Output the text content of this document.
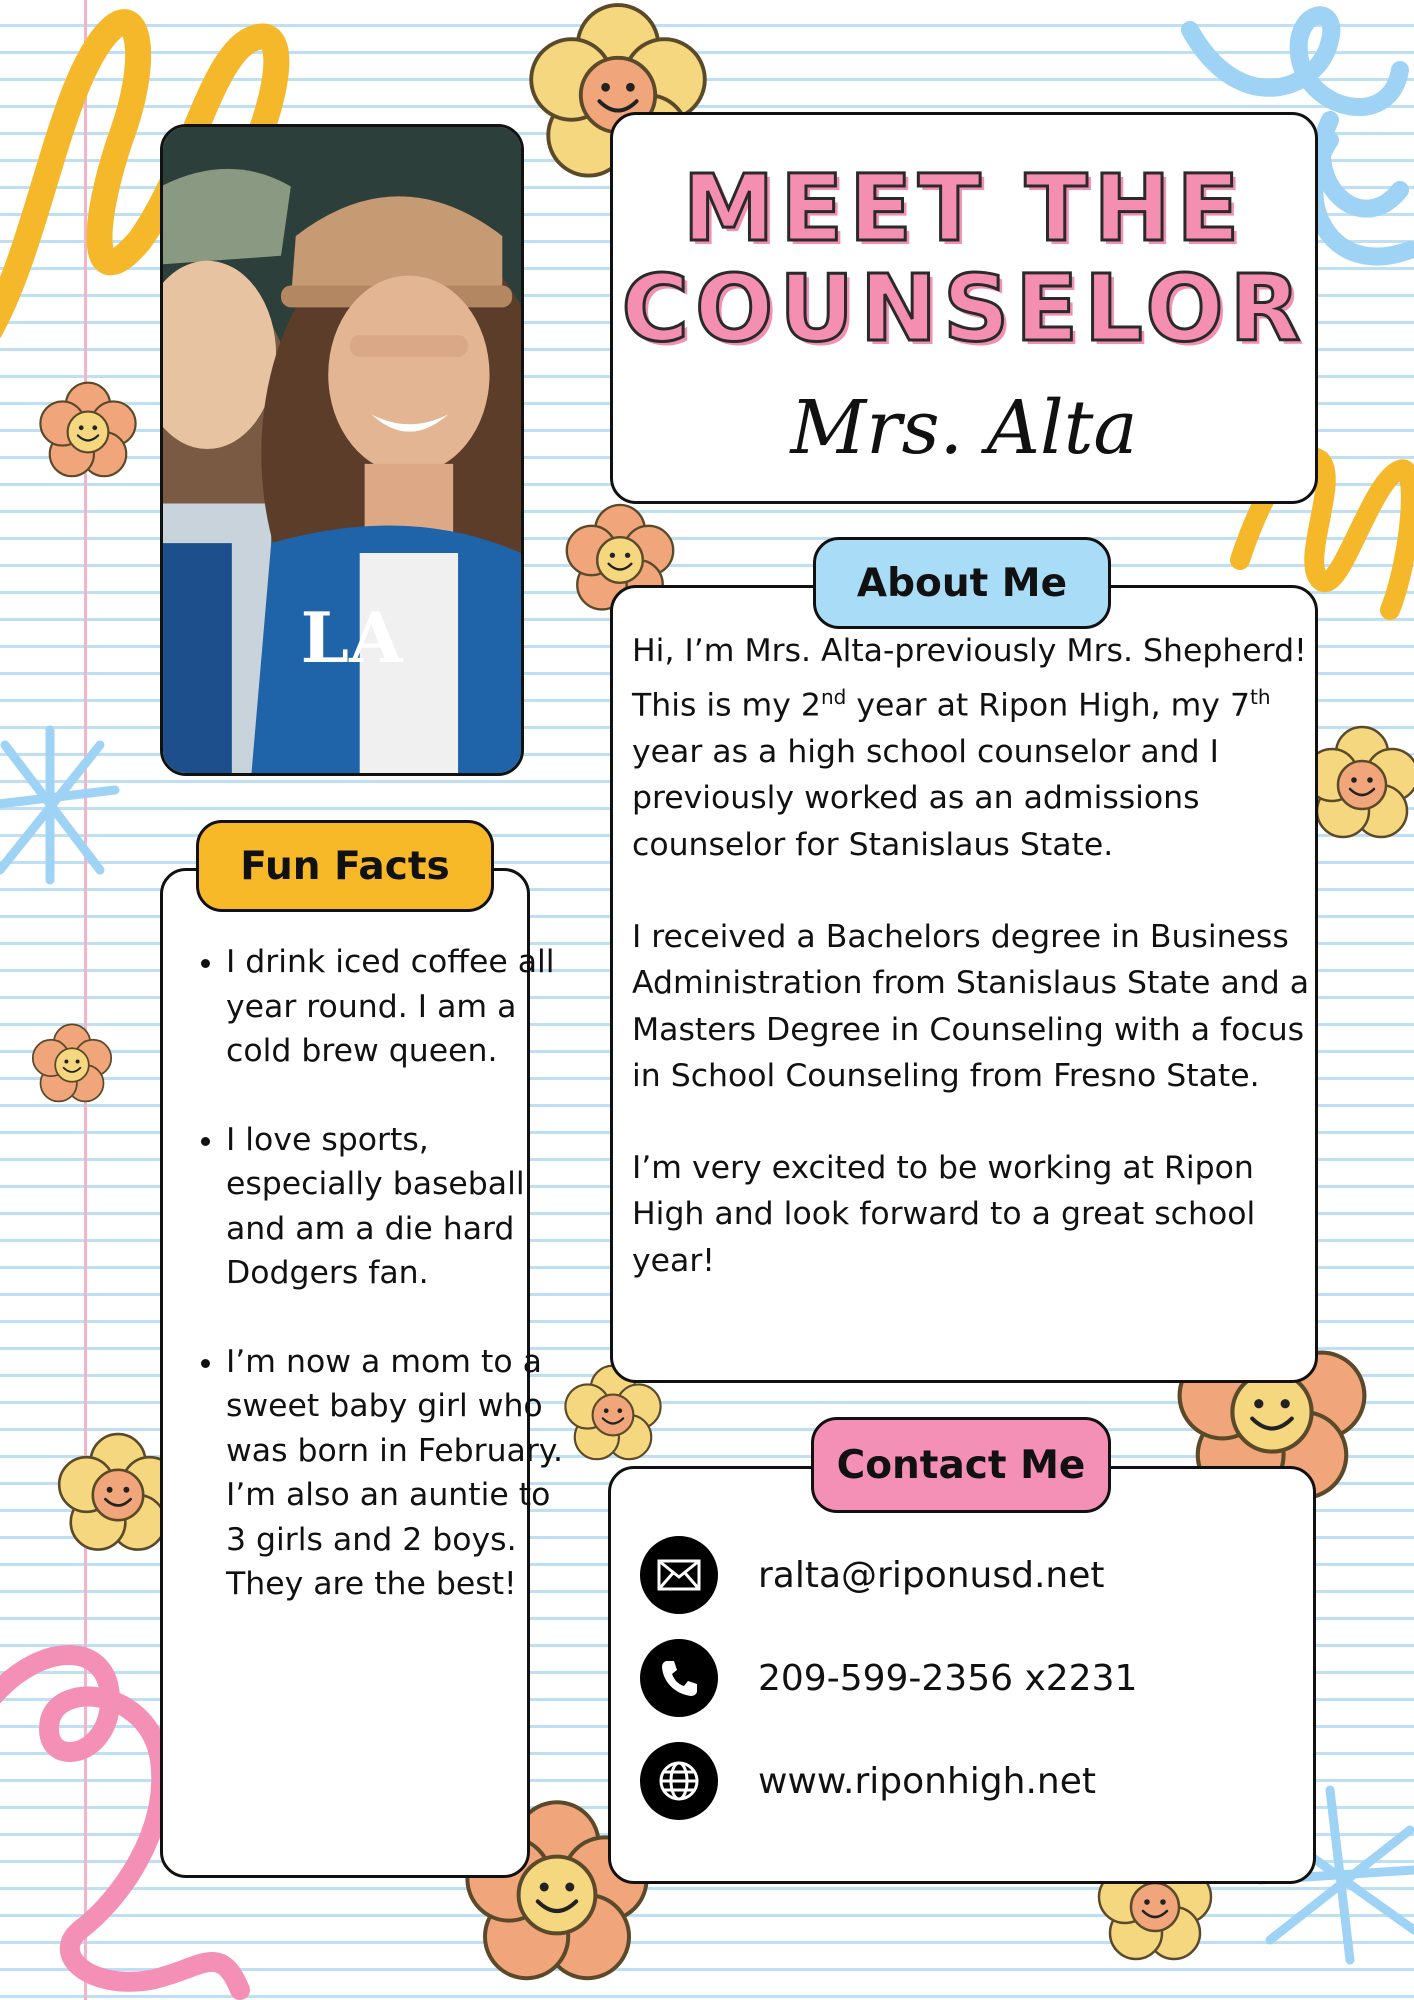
LA
MEET THE
COUNSELOR
Mrs. Alta
About Me

Hi, I’m Mrs. Alta-previously Mrs. Shepherd! This is my 2nd year at Ripon High, my 7th year as a high school counselor and I previously worked as an admissions counselor for Stanislaus State.

I received a Bachelors degree in Business Administration from Stanislaus State and a Masters Degree in Counseling with a focus in School Counseling from Fresno State.

I’m very excited to be working at Ripon High and look forward to a great school year!

Fun Facts
• I drink iced coffee all year round. I am a cold brew queen.
• I love sports, especially baseball and am a die hard Dodgers fan.
• I’m now a mom to a sweet baby girl who was born in February. I’m also an auntie to 3 girls and 2 boys. They are the best!
Contact Me
ralta@riponusd.net
209-599-2356 x2231
www.riponhigh.net
